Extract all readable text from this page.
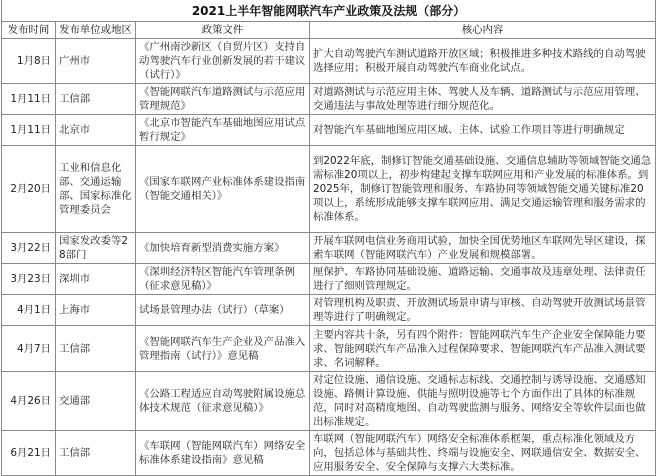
2021上半年智能网联汽车产业政策及法规（部分）			
发布时间	发布单位或地区	政策文件	核心内容
1月8日	广州市	《广州南沙新区（自贸片区）支持自动驾驶汽车行业创新发展的若干建议（试行）》	扩大自动驾驶汽车测试道路开放区域；积极推进多种技术路线的自动驾驶选择应用；积极开展自动驾驶汽车商业化试点。
1月11日	工信部	《智能网联汽车道路测试与示范应用管理规范》	对道路测试与示范应用主体、驾驶人及车辆、道路测试与示范应用管理、交通违法与事故处理等进行细分规范化。
1月11日	北京市	《北京市智能汽车基础地图应用试点暂行规定》	对智能汽车基础地图应用区域、主体、试验工作项目等进行明确规定
2月20日	工业和信息化部、交通运输部、国家标准化管理委员会	《国家车联网产业标准体系建设指南（智能交通相关）》	到2022年底，制修订智能交通基础设施、交通信息辅助等领域智能交通急需标准20项以上，初步构建起支撑车联网应用和产业发展的标准体系。到2025年，制修订智能管理和服务、车路协同等领域智能交通关键标准20项以上，系统形成能够支撑车联网应用、满足交通运输管理和服务需求的标准体系。
3月22日	国家发改委等28部门	《加快培育新型消费实施方案》	开展车联网电信业务商用试验，加快全国优势地区车联网先导区建设，探索车联网（智能网联汽车）产业发展和规模部署。
3月23日	深圳市	《深圳经济特区智能汽车管理条例（征求意见稿）》	厘保护、车路协同基础设施、道路运输、交通事故及违章处理、法律责任进行了细则管理规定。
4月1日	上海市	试场景管理办法（试行）（草案）	对管理机构及职责、开放测试场景申请与审核、自动驾驶开放测试场景管理等进行了明确规定。
4月7日	工信部	《智能网联汽车生产企业及产品准入管理指南（试行）》意见稿	主要内容共十条，另有四个附件：智能网联汽车生产企业安全保障能力要求、智能网联汽车产品准入过程保障要求、智能网联汽车产品准入测试要求、名词解释。
4月26日	交通部	《公路工程适应自动驾驶附属设施总体技术规范（征求意见稿）》	对定位设施、通信设施、交通标志标线、交通控制与诱导设施、交通感知设施、路侧计算设施、供能与照明设施等七个方面作出了具体的标准规范，同时对高精度地图、自动驾驶监测与服务、网络安全等软件层面也做出标准规定。
6月21日	工信部	《车联网（智能网联汽车）网络安全标准体系建设指南》意见稿	车联网（智能网联汽车）网络安全标准体系框架，重点标准化领域及方向，包括总体与基础共性、终端与设施安全、网联通信安全、数据安全、应用服务安全、安全保障与支撑六大类标准。
